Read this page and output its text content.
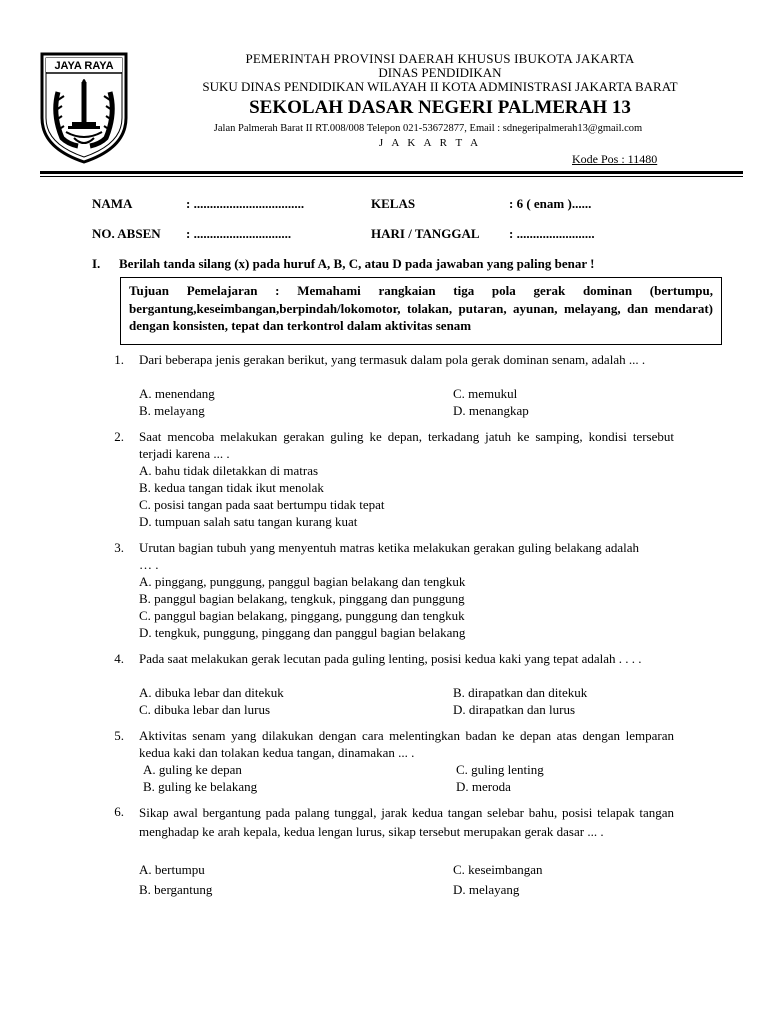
JAYA RAYA	PEMERINTAH PROVINSI DAERAH KHUSUS IBUKOTA JAKARTA
DINAS PENDIDIKAN
SUKU DINAS PENDIDIKAN WILAYAH II KOTA ADMINISTRASI JAKARTA BARAT
SEKOLAH DASAR NEGERI PALMERAH 13
Jalan Palmerah Barat II RT.008/008 Telepon 021-53672877, Email : sdnegeripalmerah13@gmail.com
J A K A R T A
Kode Pos : 11480
NAMA	: ..................................	KELAS	: 6 ( enam )......
NO. ABSEN : ..............................	HARI / TANGGAL : ........................
I. Berilah tanda silang (x) pada huruf A, B, C, atau D pada jawaban yang paling benar !
Tujuan Pemelajaran : Memahami rangkaian tiga pola gerak dominan (bertumpu, bergantung,keseimbangan,berpindah/lokomotor, tolakan, putaran, ayunan, melayang, dan mendarat) dengan konsisten, tepat dan terkontrol dalam aktivitas senam
1. Dari beberapa jenis gerakan berikut, yang termasuk dalam pola gerak dominan senam, adalah ... .
A. menendang	C. memukul
B. melayang	D. menangkap
2. Saat mencoba melakukan gerakan guling ke depan, terkadang jatuh ke samping, kondisi tersebut terjadi karena ... .
A. bahu tidak diletakkan di matras
B. kedua tangan tidak ikut menolak
C. posisi tangan pada saat bertumpu tidak tepat
D. tumpuan salah satu tangan kurang kuat
3. Urutan bagian tubuh yang menyentuh matras ketika melakukan gerakan guling belakang adalah … .
A. pinggang, punggung, panggul bagian belakang dan tengkuk
B. panggul bagian belakang, tengkuk, pinggang dan punggung
C. panggul bagian belakang, pinggang, punggung dan tengkuk
D. tengkuk, punggung, pinggang dan panggul bagian belakang
4. Pada saat melakukan gerak lecutan pada guling lenting, posisi kedua kaki yang tepat adalah . . . .
A. dibuka lebar dan ditekuk	B. dirapatkan dan ditekuk
C. dibuka lebar dan lurus	D. dirapatkan dan lurus
5. Aktivitas senam yang dilakukan dengan cara melentingkan badan ke depan atas dengan lemparan kedua kaki dan tolakan kedua tangan, dinamakan ... .
A. guling ke depan	C. guling lenting
B. guling ke belakang	D. meroda
6. Sikap awal bergantung pada palang tunggal, jarak kedua tangan selebar bahu, posisi telapak tangan menghadap ke arah kepala, kedua lengan lurus, sikap tersebut merupakan gerak dasar ... .
A. bertumpu	C. keseimbangan
B. bergantung	D. melayang
